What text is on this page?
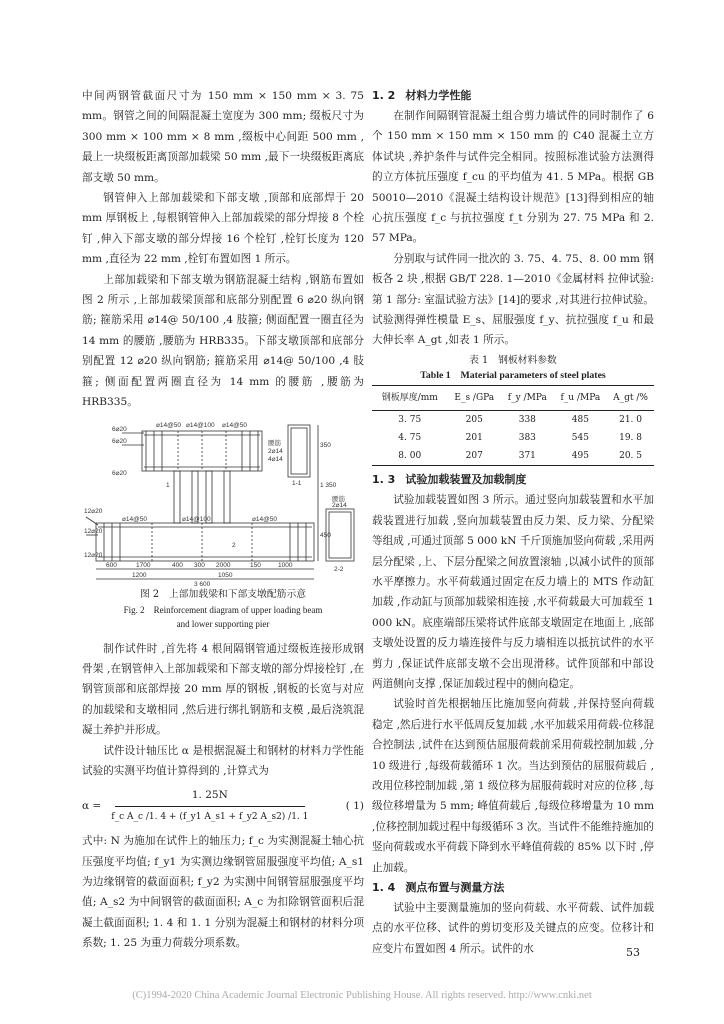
中间两钢管截面尺寸为 150 mm × 150 mm × 3. 75 mm。钢管之间的间隔混凝土宽度为 300 mm; 缀板尺寸为 300 mm × 100 mm × 8 mm ,缀板中心间距 500 mm ,最上一块缀板距离顶部加载梁 50 mm ,最下一块缀板距离底部支墩 50 mm。

钢管伸入上部加载梁和下部支墩 ,顶部和底部焊于 20 mm 厚钢板上 ,每根钢管伸入上部加载梁的部分焊接 8 个栓钉 ,伸入下部支墩的部分焊接 16 个栓钉 ,栓钉长度为 120 mm ,直径为 22 mm ,栓钉布置如图 1 所示。

上部加载梁和下部支墩为钢筋混凝土结构 ,钢筋布置如图 2 所示 ,上部加载梁顶部和底部分别配置 6 ⌀20 纵向钢筋; 箍筋采用 ⌀14@ 50/100 ,4 肢箍; 侧面配置一圈直径为 14 mm 的腰筋 ,腰筋为 HRB335。下部支墩顶部和底部分别配置 12 ⌀20 纵向钢筋; 箍筋采用 ⌀14@ 50/100 ,4 肢箍; 侧面配置两圈直径为 14 mm 的腰筋 ,腰筋为 HRB335。

6⌀20
6⌀20
6⌀20
12⌀20
12⌀20
12⌀20
⌀14@50 ⌀14@100 ⌀14@50
⌀14@50	⌀14@100	⌀14@50
腰筋
2⌀14
4⌀14
腰筋
2⌀14
600	1700	400 300 2000	150	1000
1200	1050
3 600
350
1 350
450
1-1
2-2
1
2
图 2　上部加载梁和下部支墩配筋示意
Fig. 2　Reinforcement diagram of upper loading beam
and lower supporting pier

制作试件时 ,首先将 4 根间隔钢管通过缀板连接形成钢骨架 ,在钢管伸入上部加载梁和下部支墩的部分焊接栓钉 ,在钢管顶部和底部焊接 20 mm 厚的钢板 ,钢板的长宽与对应的加载梁和支墩相同 ,然后进行绑扎钢筋和支模 ,最后浇筑混凝土养护并形成。

试件设计轴压比 α 是根据混凝土和钢材的材料力学性能试验的实测平均值计算得到的 ,计算式为

$\alpha = \frac{1. 25N}{\text{f\_c A\_c /1. 4 + (f\_y1 A\_s1 + f\_y2 A\_s2) /1. 1}}$	( 1)

式中: N 为施加在试件上的轴压力; f_c 为实测混凝土轴心抗压强度平均值; f_y1 为实测边缘钢管屈服强度平均值; A_s1 为边缘钢管的截面面积; f_y2 为实测中间钢管屈服强度平均值; A_s2 为中间钢管的截面面积; A_c 为扣除钢管面积后混凝土截面面积; 1. 4 和 1. 1 分别为混凝土和钢材的材料分项系数; 1. 25 为重力荷载分项系数。

1. 2 材料力学性能

在制作间隔钢管混凝土组合剪力墙试件的同时制作了 6 个 150 mm × 150 mm × 150 mm 的 C40 混凝土立方体试块 ,养护条件与试件完全相同。按照标准试验方法测得的立方体抗压强度 f_cu 的平均值为 41. 5 MPa。根据 GB 50010—2010《混凝土结构设计规范》[13]得到相应的轴心抗压强度 f_c 与抗拉强度 f_t 分别为 27. 75 MPa 和 2. 57 MPa。

分别取与试件同一批次的 3. 75、4. 75、8. 00 mm 钢板各 2 块 ,根据 GB/T 228. 1—2010《金属材料 拉伸试验: 第 1 部分: 室温试验方法》[14]的要求 ,对其进行拉伸试验。试验测得弹性模量 E_s、屈服强度 f_y、抗拉强度 f_u 和最大伸长率 A_gt ,如表 1 所示。

表 1　钢板材料参数
Table 1　Material parameters of steel plates
钢板厚度/mm	E_s /GPa	f_y /MPa	f_u /MPa	A_gt /%
3. 75	205	338	485	21. 0
4. 75	201	383	545	19. 8
8. 00	207	371	495	20. 5
1. 3 试验加载装置及加载制度

试验加载装置如图 3 所示。通过竖向加载装置和水平加载装置进行加载 ,竖向加载装置由反力架、反力梁、分配梁等组成 ,可通过顶部 5 000 kN 千斤顶施加竖向荷载 ,采用两层分配梁 ,上、下层分配梁之间放置滚轴 ,以减小试件的顶部水平摩擦力。水平荷载通过固定在反力墙上的 MTS 作动缸加载 ,作动缸与顶部加载梁相连接 ,水平荷载最大可加载至 1 000 kN。底座端部压梁将试件底部支墩固定在地面上 ,底部支墩处设置的反力墙连接件与反力墙相连以抵抗试件的水平剪力 ,保证试件底部支墩不会出现滑移。试件顶部和中部设两道侧向支撑 ,保证加载过程中的侧向稳定。

试验时首先根据轴压比施加竖向荷载 ,并保持竖向荷载稳定 ,然后进行水平低周反复加载 ,水平加载采用荷载-位移混合控制法 ,试件在达到预估屈服荷载前采用荷载控制加载 ,分 10 级进行 ,每级荷载循环 1 次。当达到预估的屈服荷载后 ,改用位移控制加载 ,第 1 级位移为屈服荷载时对应的位移 ,每级位移增量为 5 mm; 峰值荷载后 ,每级位移增量为 10 mm ,位移控制加载过程中每级循环 3 次。当试件不能维持施加的竖向荷载或水平荷载下降到水平峰值荷载的 85% 以下时 ,停止加载。

1. 4 测点布置与测量方法

试验中主要测量施加的竖向荷载、水平荷载、试件加载点的水平位移、试件的剪切变形及关键点的应变。位移计和应变片布置如图 4 所示。试件的水	53
(C)1994-2020 China Academic Journal Electronic Publishing House. All rights reserved. http://www.cnki.net
